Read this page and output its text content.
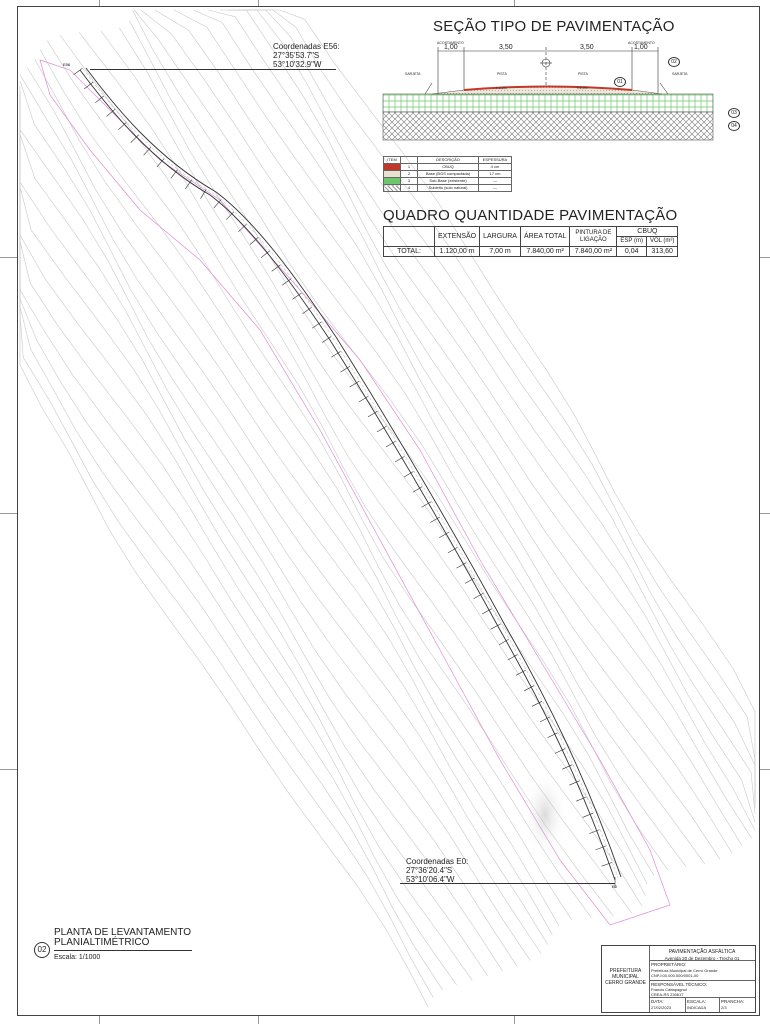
E56
E0
Coordenadas E56:
27°35'53.7"S
53°10'32.9"W
Coordenadas E0:
27°36'20.4"S
53°10'06.4"W
SEÇÃO TIPO DE PAVIMENTAÇÃO
ACOSTAMENTO	ACOSTAMENTO
1,00	3,50	3,50	1,00
SARJETA	SARJETA
PISTA	PISTA
i=2,0%	i=2,0%
01
02
03
04
ITEM		DESCRIÇÃO	ESPESSURA
	1	CBUQ	4 cm
	2	Base (BGS compactada)	17 cm
	3	Sub-Base (existente)	—
	4	Subleito (solo natural)	—
QUADRO QUANTIDADE PAVIMENTAÇÃO
	EXTENSÃO	LARGURA	ÁREA TOTAL	PINTURA DE LIGAÇÃO	CBUQ	
					ESP (m)	VOL (m³)
TOTAL:	1.120,00 m	7,00 m	7.840,00 m²	7.840,00 m²	0,04	313,60
PLANTA DE LEVANTAMENTO
PLANIALTIMÉTRICO
02
Escala: 1/1000
PAVIMENTAÇÃO ASFÁLTICA
Avenida 20 de Dezembro - Trecho 01
PREFEITURA MUNICIPAL CERRO GRANDE
PROPRIETÁRIO:
Prefeitura Municipal de Cerro Grande
CNPJ:00.000.000/0001-00
RESPONSÁVEL TÉCNICO:
Francis Cattapagnol
CREA-RS 230617
DATA:
27/02/2023
ESCALA:
INDICADA
PRANCHA:
2/3
